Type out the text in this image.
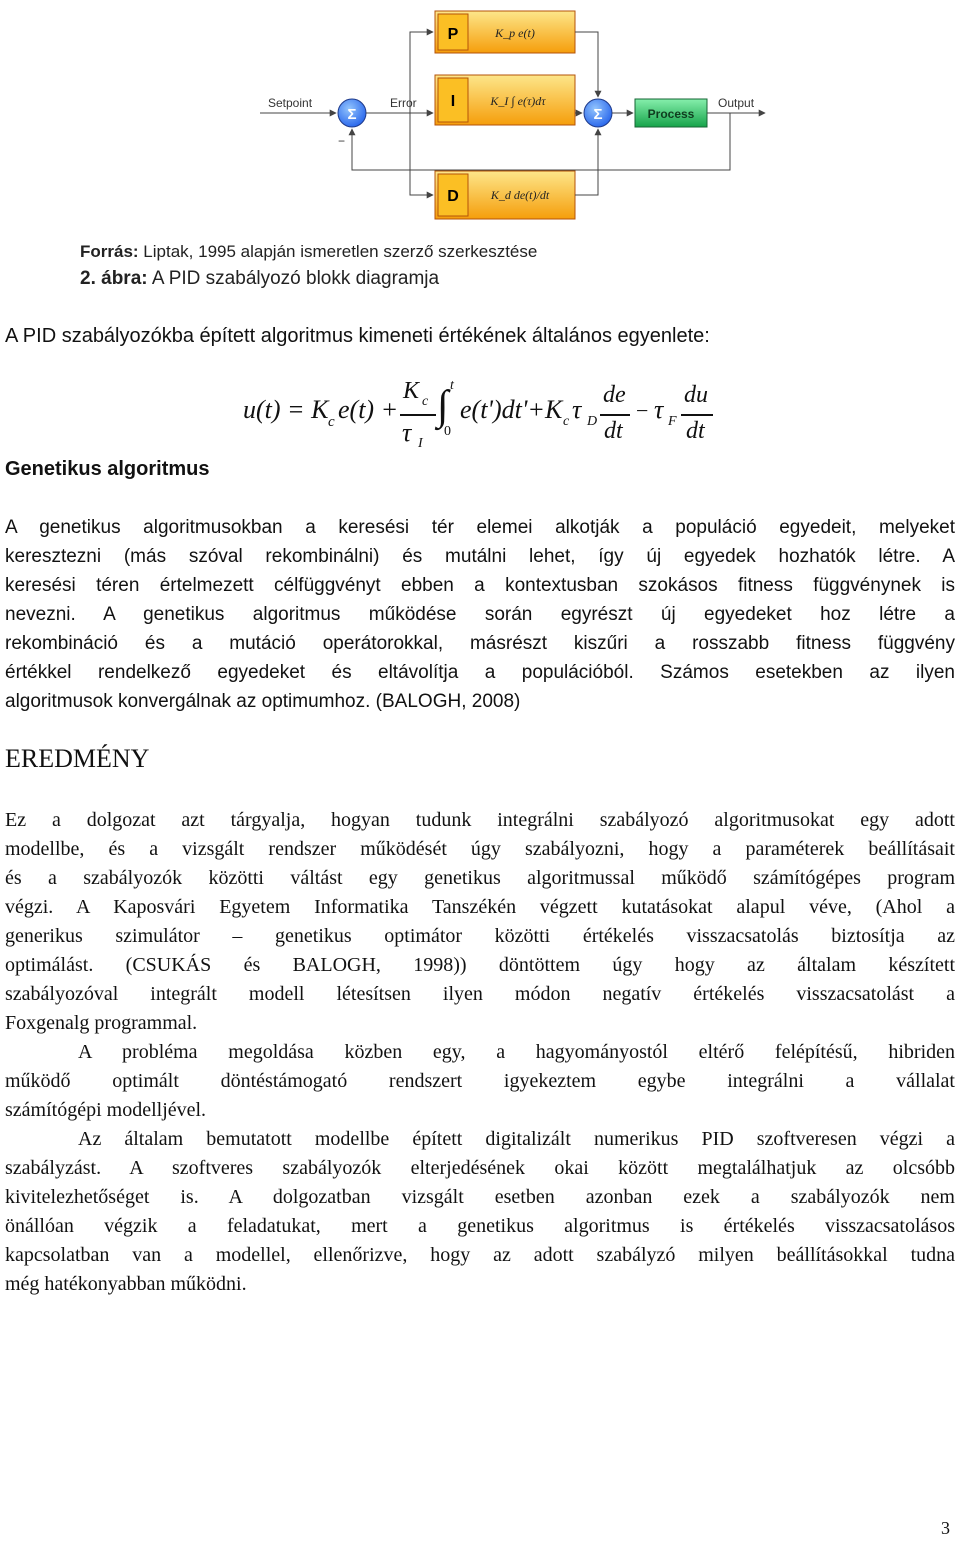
P	K_p e(t)
I	K_I ∫ e(τ)dτ
D	K_d de(t)/dt
Σ	Σ	Process
Setpoint	Error	Output
−
Forrás: Liptak, 1995 alapján ismeretlen szerző szerkesztése
2. ábra: A PID szabályozó blokk diagramja
A PID szabályozókba épített algoritmus kimeneti értékének általános egyenlete:
u(t) = K c e(t) +
K c
τ I
∫ t
0
e(t')dt'+K c τ D
de
dt
− τ F
du
dt
Genetikus algoritmus
A genetikus algoritmusokban a keresési tér elemei alkotják a populáció egyedeit, melyeket
keresztezni (más szóval rekombinálni) és mutálni lehet, így új egyedek hozhatók létre. A
keresési téren értelmezett célfüggvényt ebben a kontextusban szokásos fitness függvénynek is
nevezni. A genetikus algoritmus működése során egyrészt új egyedeket hoz létre a
rekombináció és a mutáció operátorokkal, másrészt kiszűri a rosszabb fitness függvény
értékkel rendelkező egyedeket és eltávolítja a populációból. Számos esetekben az ilyen
algoritmusok konvergálnak az optimumhoz. (BALOGH, 2008)
EREDMÉNY
Ez a dolgozat azt tárgyalja, hogyan tudunk integrálni szabályozó algoritmusokat egy adott
modellbe, és a vizsgált rendszer működését úgy szabályozni, hogy a paraméterek beállításait
és a szabályozók közötti váltást egy genetikus algoritmussal működő számítógépes program
végzi. A Kaposvári Egyetem Informatika Tanszékén végzett kutatásokat alapul véve, (Ahol a
generikus szimulátor – genetikus optimátor közötti értékelés visszacsatolás biztosítja az
optimálást. (CSUKÁS és BALOGH, 1998)) döntöttem úgy hogy az általam készített
szabályozóval integrált modell létesítsen ilyen módon negatív értékelés visszacsatolást a
Foxgenalg programmal.
A probléma megoldása közben egy, a hagyományostól eltérő felépítésű, hibriden
működő optimált döntéstámogató rendszert igyekeztem egybe integrálni a vállalat
számítógépi modelljével.
Az általam bemutatott modellbe épített digitalizált numerikus PID szoftveresen végzi a
szabályzást. A szoftveres szabályozók elterjedésének okai között megtalálhatjuk az olcsóbb
kivitelezhetőséget is. A dolgozatban vizsgált esetben azonban ezek a szabályozók nem
önállóan végzik a feladatukat, mert a genetikus algoritmus is értékelés visszacsatolásos
kapcsolatban van a modellel, ellenőrizve, hogy az adott szabályzó milyen beállításokkal tudna
még hatékonyabban működni.
3
